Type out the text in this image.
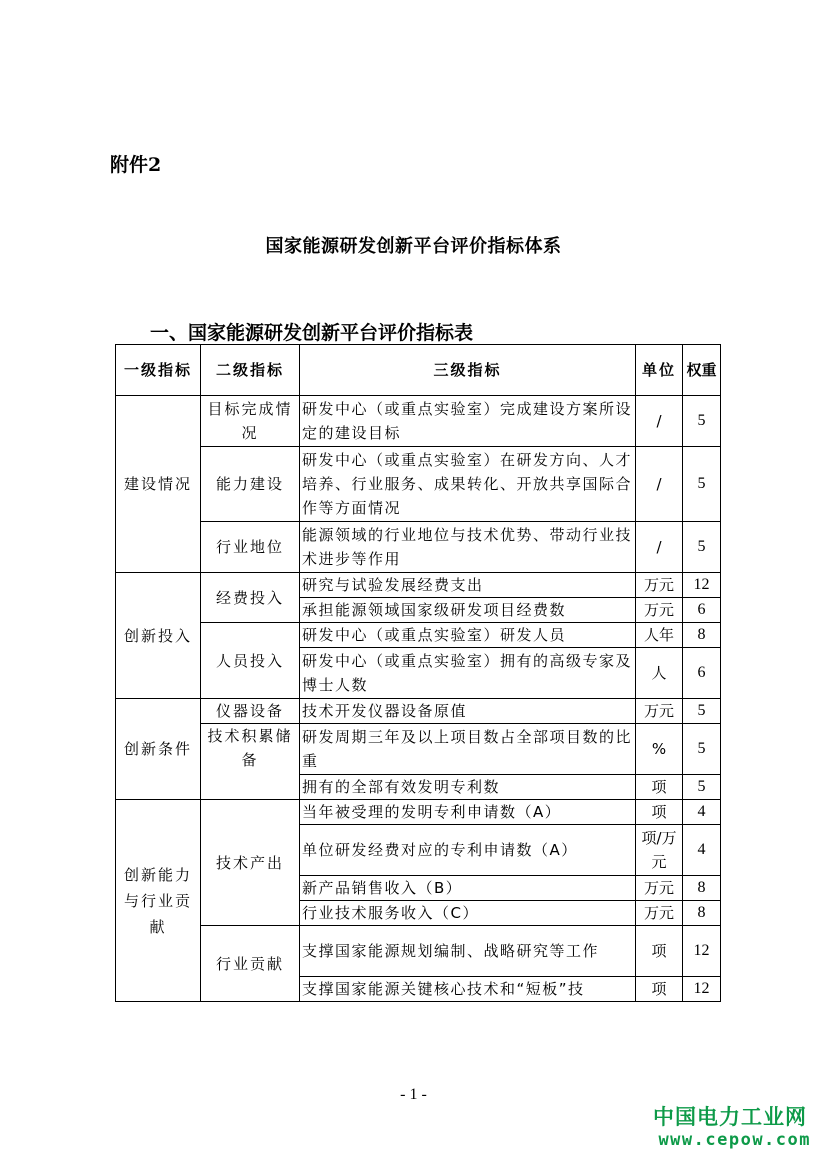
附件2
国家能源研发创新平台评价指标体系
一、国家能源研发创新平台评价指标表
一级指标	二级指标	三级指标	单位	权重
建设情况	目标完成情况	研发中心（或重点实验室）完成建设方案所设定的建设目标	/	5
	能力建设	研发中心（或重点实验室）在研发方向、人才培养、行业服务、成果转化、开放共享国际合作等方面情况	/	5
	行业地位	能源领域的行业地位与技术优势、带动行业技术进步等作用	/	5
创新投入	经费投入	研究与试验发展经费支出	万元	12
		承担能源领域国家级研发项目经费数	万元	6
	人员投入	研发中心（或重点实验室）研发人员	人年	8
		研发中心（或重点实验室）拥有的高级专家及博士人数	人	6
创新条件	仪器设备	技术开发仪器设备原值	万元	5
	技术积累储备	研发周期三年及以上项目数占全部项目数的比重	%	5
		拥有的全部有效发明专利数	项	5
创新能力与行业贡献	技术产出	当年被受理的发明专利申请数（A）	项	4
		单位研发经费对应的专利申请数（A）	项/万元	4
		新产品销售收入（B）	万元	8
		行业技术服务收入（C）	万元	8
	行业贡献	支撑国家能源规划编制、战略研究等工作	项	12
		支撑国家能源关键核心技术和“短板”技	项	12
- 1 -
中国电力工业网
www.cepow.com
